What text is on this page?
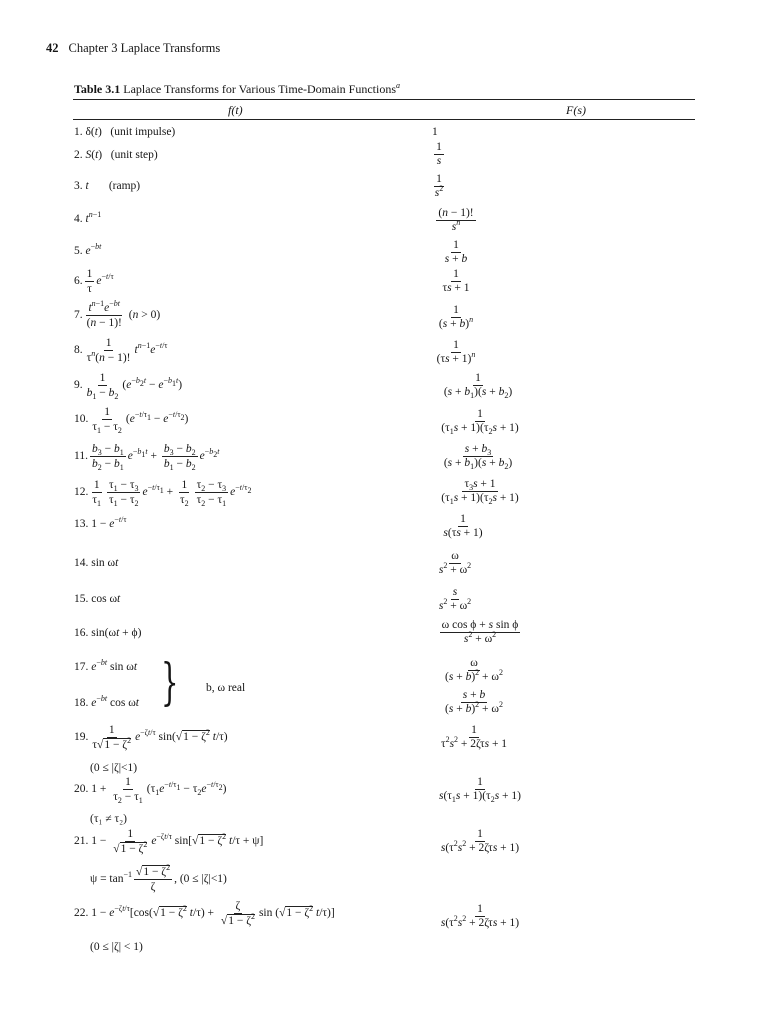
42 Chapter 3 Laplace Transforms
Table 3.1 Laplace Transforms for Various Time-Domain Functions$^a$
f(t)	F(s)
1. δ(t)   (unit impulse)
2. S(t)   (unit step)
3. t (ramp)
4. $t^{n-1}$
5. $e^{-bt}$
6. $\frac{1}{\tau} e^{-t/\tau}$
7. $\frac{t^{n-1}e^{-bt}}{(n - 1)!} (n > 0)$
8. $\frac{1}{\tau^n(n - 1)!} t^{n-1}e^{-t/\tau}$
9. $\frac{1}{b_1 - b_2} (e^{-b_2t} - e^{-b_1t})$
10. $\frac{1}{\tau_1 - \tau_2} (e^{-t/\tau_1} - e^{-t/\tau_2})$
11. $\frac{b_3 - b_1}{b_2 - b_1} e^{-b_1t} + \frac{b_3 - b_2}{b_1 - b_2} e^{-b_2t}$
12. $\frac{1}{\tau_1} \frac{\tau_1 - \tau_3}{\tau_1 - \tau_2} e^{-t/\tau_1} + \frac{1}{\tau_2} \frac{\tau_2 - \tau_3}{\tau_2 - \tau_1} e^{-t/\tau_2}$
13. $1 - e^{-t/\tau}$
14. sin ωt
15. cos ωt
16. sin(ωt + ϕ)
17. $e^{-bt}$ sin ωt
18. $e^{-bt}$ cos ωt } b, ω real
19. $\frac{1}{\tau√1 - \zeta^2} e^{-\zeta t/\tau}$ $\sin(√1 - \zeta^2$ t/τ)
(0 ≤ |ζ|<1)
20. $1 + \frac{1}{\tau_2 - \tau_1} (\tau_1e^{-t/\tau_1} - \tau_2e^{-t/\tau_2})$
(τ₁ ≠ τ₂)
21. $1 - \frac{1}{√1 - \zeta^2} e^{-\zeta t/\tau}$ $\sin[√1 - \zeta^2$ t/τ + ψ]
$\psi = \tan^{-1} \frac{√1 - \zeta^2}{\zeta}$ , (0 ≤ |ζ|<1)
22. $1 - e^{-\zeta t/\tau}[\cos(√1 - \zeta^2$ $t/\tau) + \frac{\zeta}{√1 - \zeta^2}$ $\sin (√1 - \zeta^2$ t/τ)]
(0 ≤ |ζ| < 1)
1
1
s
1
$s^2$
(n − 1)!
$s^n$
1
s + b
1
τs + 1
1
$(s + b)^n$
1
$(\tau s + 1)^n$
1
$(s + b_1)(s + b_2)$
1
$(\tau_1s + 1)(\tau_2s + 1)$
$s + b_3$
$(s + b_1)(s + b_2)$
$\tau_3s + 1$
$(\tau_1s + 1)(\tau_2s + 1)$
1
s(τs + 1)
ω
$s^2 + \omega^2$
s
$s^2 + \omega^2$
ω cos ϕ + s sin ϕ
$s^2 + \omega^2$
ω
$(s + b)^2 + \omega^2$
s + b
$(s + b)^2 + \omega^2$
1
$\tau^2s^2 + 2\zeta\tau s + 1$
1
$s(\tau_1s + 1)(\tau_2s + 1)$
1
$s(\tau^2s^2 + 2\zeta\tau s + 1)$
1
$s(\tau^2s^2 + 2\zeta\tau s + 1)$
